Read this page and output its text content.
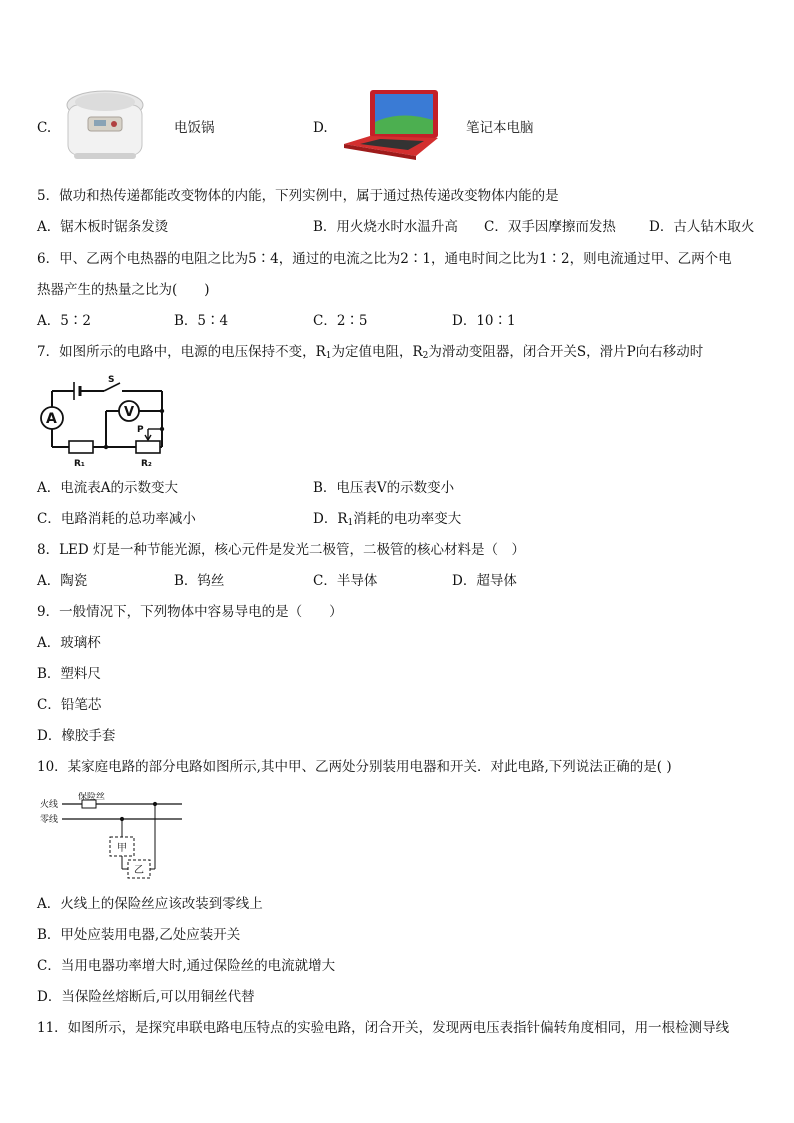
C.	电饭锅	D.	笔记本电脑
5．做功和热传递都能改变物体的内能，下列实例中，属于通过热传递改变物体内能的是
A．锯木板时锯条发烫	B．用火烧水时水温升高 C．双手因摩擦而发热 D．古人钻木取火
6．甲、乙两个电热器的电阻之比为5∶4，通过的电流之比为2∶1，通电时间之比为1∶2，则电流通过甲、乙两个电
热器产生的热量之比为(　　)
A．5∶2	B．5∶4	C．2∶5	D．10∶1
7．如图所示的电路中，电源的电压保持不变，$R_1$为定值电阻，$R_2$为滑动变阻器，闭合开关S，滑片P向右移动时
A	V
S
P
R₁	R₂
A．电流表A的示数变大	B．电压表V的示数变小
C．电路消耗的总功率减小	D．$R_1$消耗的电功率变大
8．LED 灯是一种节能光源，核心元件是发光二极管，二极管的核心材料是（　）
A．陶瓷	B．钨丝	C．半导体	D．超导体
9．一般情况下，下列物体中容易导电的是（　　）
A．玻璃杯
B．塑料尺
C．铅笔芯
D．橡胶手套
10．某家庭电路的部分电路如图所示,其中甲、乙两处分别装用电器和开关．对此电路,下列说法正确的是( )
火线
零线
保险丝
甲
乙
A．火线上的保险丝应该改装到零线上
B．甲处应装用电器,乙处应装开关
C．当用电器功率增大时,通过保险丝的电流就增大
D．当保险丝熔断后,可以用铜丝代替
11．如图所示，是探究串联电路电压特点的实验电路，闭合开关，发现两电压表指针偏转角度相同，用一根检测导线
